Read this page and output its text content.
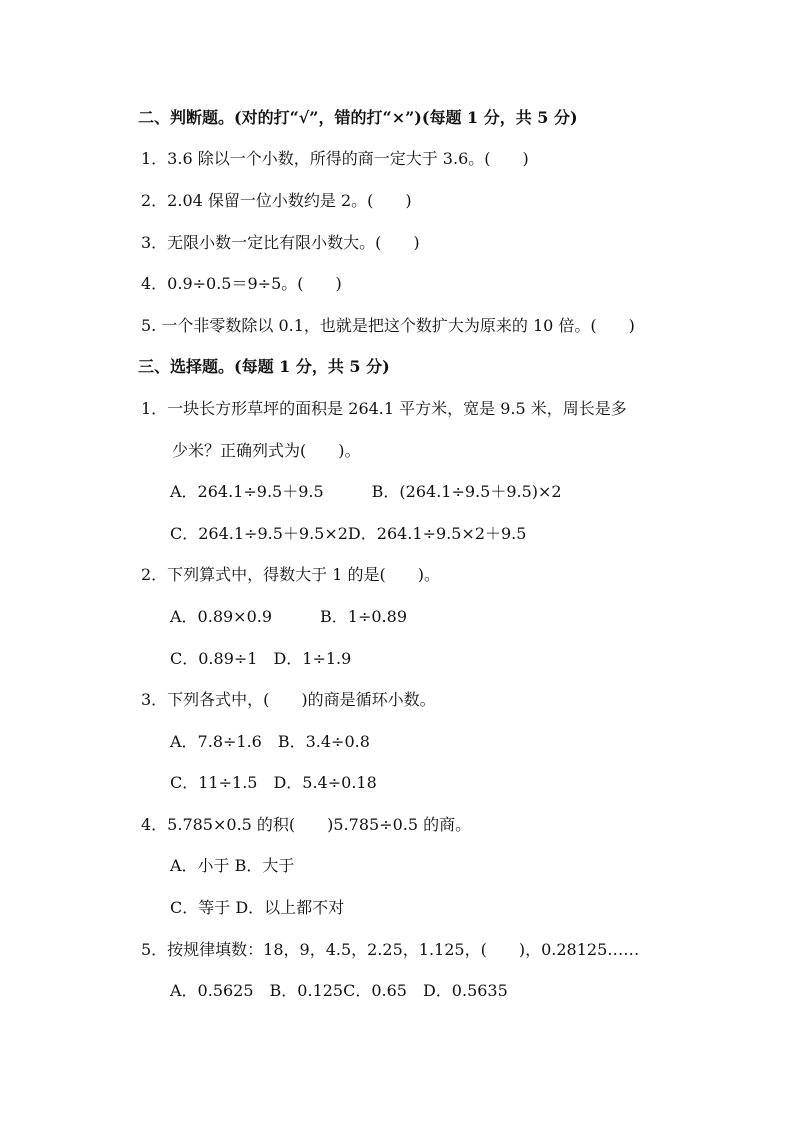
二、判断题。(对的打“√”，错的打“×”)(每题 1 分，共 5 分)
1．3.6 除以一个小数，所得的商一定大于 3.6。(　　)
2．2.04 保留一位小数约是 2。(　　)
3．无限小数一定比有限小数大。(　　)
4．0.9÷0.5＝9÷5。(　　)
5. 一个非零数除以 0.1，也就是把这个数扩大为原来的 10 倍。(　　)
三、选择题。(每题 1 分，共 5 分)
1．一块长方形草坪的面积是 264.1 平方米，宽是 9.5 米，周长是多
少米？正确列式为(　　)。
A．264.1÷9.5＋9.5　　　B．(264.1÷9.5＋9.5)×2
C．264.1÷9.5＋9.5×2D．264.1÷9.5×2＋9.5
2．下列算式中，得数大于 1 的是(　　)。
A．0.89×0.9　　　B．1÷0.89
C．0.89÷1　D．1÷1.9
3．下列各式中，(　　)的商是循环小数。
A．7.8÷1.6　B．3.4÷0.8
C．11÷1.5　D．5.4÷0.18
4．5.785×0.5 的积(　　)5.785÷0.5 的商。
A．小于 B．大于
C．等于 D．以上都不对
5．按规律填数：18，9，4.5，2.25，1.125，(　　)，0.28125……
A．0.5625　B．0.125C．0.65　D．0.5635
